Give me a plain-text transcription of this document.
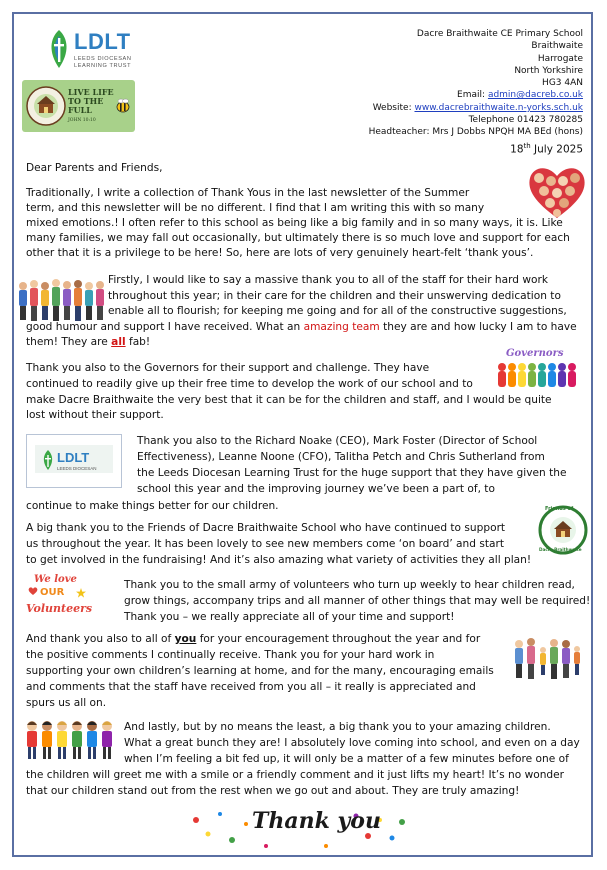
LDLT
LEEDS DIOCESAN
LEARNING TRUST
LIVE LIFE
TO THE
FULL
JOHN 10:10
Dacre Braithwaite CE Primary School
Braithwaite
Harrogate
North Yorkshire
HG3 4AN
Email: admin@dacreb.co.uk
Website: www.dacrebraithwaite.n-yorks.sch.uk
Telephone 01423 780285
Headteacher: Mrs J Dobbs NPQH MA BEd (hons)
18th July 2025
Dear Parents and Friends,
Traditionally, I write a collection of Thank Yous in the last newsletter of the Summer
term, and this newsletter will be no different. I find that I am writing this with so many
mixed emotions.! I often refer to this school as being like a big family and in so many ways, it is. Like
many families, we may fall out occasionally, but ultimately there is so much love and support for each
other that it is a privilege to be here! So, here are lots of very genuinely heart-felt ‘thank yous’.
Firstly, I would like to say a massive thank you to all of the staff for their hard work
throughout this year; in their care for the children and their unswerving dedication to
enable all to flourish; for keeping me going and for all of the constructive suggestions,
good humour and support I have received. What an amazing team they are and how lucky I am to have
them! They are all fab!
Governors
Thank you also to the Governors for their support and challenge. They have
continued to readily give up their free time to develop the work of our school and to
make Dacre Braithwaite the very best that it can be for the children and staff, and I would be quite
lost without their support.
LDLT
LEEDS DIOCESAN
Thank you also to the Richard Noake (CEO), Mark Foster (Director of School
Effectiveness), Leanne Noone (CFO), Talitha Petch and Chris Sutherland from
the Leeds Diocesan Learning Trust for the huge support that they have given the
school this year and the improving journey we’ve been a part of, to
continue to make things better for our children.	Friends of
Dacre Braithwaite
A big thank you to the Friends of Dacre Braithwaite School who have continued to support
us throughout the year. It has been lovely to see new members come ‘on board’ and start
to get involved in the fundraising! And it’s also amazing what variety of activities they all plan!
We love
OUR
Volunteers
Thank you to the small army of volunteers who turn up weekly to hear children read,
grow things, accompany trips and all manner of other things that may well be required!
Thank you – we really appreciate all of your time and support!
And thank you also to all of you for your encouragement throughout the year and for
the positive comments I continually receive. Thank you for your hard work in
supporting your own children’s learning at home, and for the many, encouraging emails
and comments that the staff have received from you all – it really is appreciated and
spurs us all on.
And lastly, but by no means the least, a big thank you to your amazing children.
What a great bunch they are! I absolutely love coming into school, and even on a day
when I’m feeling a bit fed up, it will only be a matter of a few minutes before one of
the children will greet me with a smile or a friendly comment and it just lifts my heart! It’s no wonder
that our children stand out from the rest when we go out and about. They are truly amazing!
Thank you
